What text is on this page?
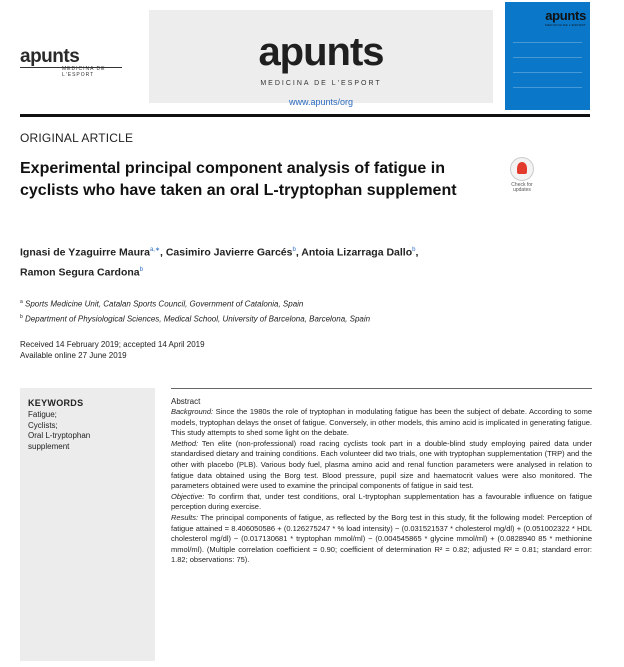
apunts
MEDICINA DE L'ESPORT
apunts
MEDICINA DE L'ESPORT
www.apunts/org
apunts
MEDICINA DE L'ESPORT
ORIGINAL ARTICLE
Experimental principal component analysis of fatigue in cyclists who have taken an oral L-tryptophan supplement	Check for updates
Ignasi de Yzaguirre Maura$^{a,∗}$, Casimiro Javierre Garcés$^b$, Antoia Lizarraga Dallo$^b$,
Ramon Segura Cardona$^b$
$^a$ Sports Medicine Unit, Catalan Sports Council, Government of Catalonia, Spain
$^b$ Department of Physiological Sciences, Medical School, University of Barcelona, Barcelona, Spain
Received 14 February 2019; accepted 14 April 2019
Available online 27 June 2019
KEYWORDS
Fatigue;
Cyclists;
Oral L-tryptophan
supplement
Abstract

Background: Since the 1980s the role of tryptophan in modulating fatigue has been the subject of debate. According to some models, tryptophan delays the onset of fatigue. Conversely, in other models, this amino acid is implicated in generating fatigue. This study attempts to shed some light on the debate.

Method: Ten elite (non-professional) road racing cyclists took part in a double-blind study employing paired data under standardised dietary and training conditions. Each volunteer did two trials, one with tryptophan supplementation (TRP) and the other with placebo (PLB). Various body fuel, plasma amino acid and renal function parameters were analysed in relation to fatigue data obtained using the Borg test. Blood pressure, pupil size and haematocrit values were also monitored. The parameters obtained were used to examine the principal components of fatigue in said test.

Objective: To confirm that, under test conditions, oral L-tryptophan supplementation has a favourable influence on fatigue perception during exercise.

Results: The principal components of fatigue, as reflected by the Borg test in this study, fit the following model: Perception of fatigue attained = 8.406050586 + (0.126275247 * % load intensity) − (0.031521537 * cholesterol mg/dl) + (0.051002322 * HDL cholesterol mg/dl) − (0.017130681 * tryptophan mmol/ml) − (0.004545865 * glycine mmol/ml) + (0.0828940 85 * methionine mmol/ml). (Multiple correlation coefficient = 0.90; coefficient of determination R² = 0.82; adjusted R² = 0.81; standard error: 1.82; observations: 75).
